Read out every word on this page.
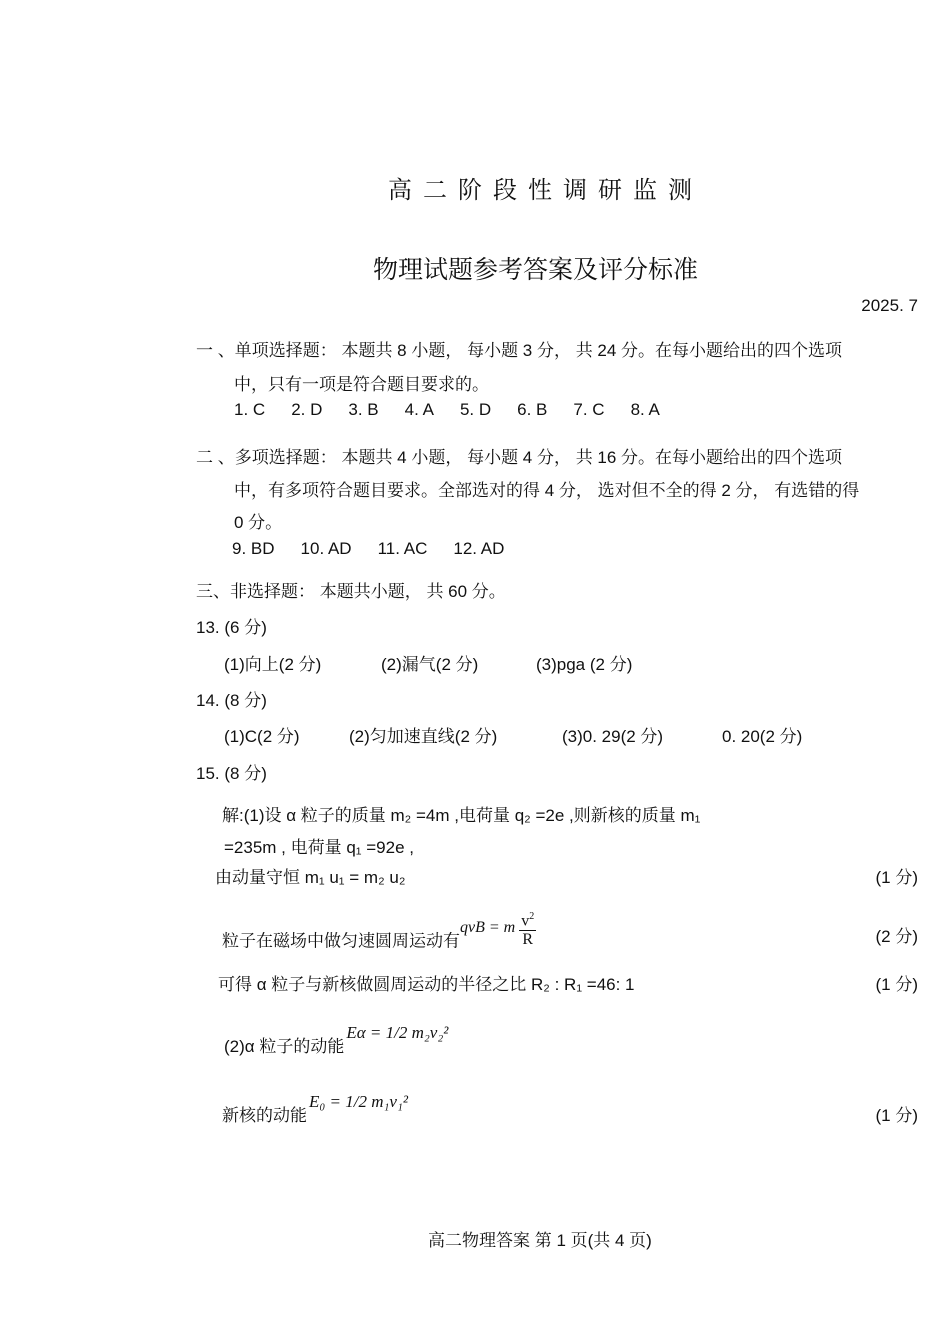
高二阶段性调研监测
物理试题参考答案及评分标准
2025. 7
一 、单项选择题： 本题共 8 小题， 每小题 3 分， 共 24 分。在每小题给出的四个选项
中，只有一项是符合题目要求的。
1. C 2. D 3. B 4. A 5. D 6. B 7. C 8. A
二 、多项选择题： 本题共 4 小题， 每小题 4 分， 共 16 分。在每小题给出的四个选项
中，有多项符合题目要求。全部选对的得 4 分， 选对但不全的得 2 分， 有选错的得
0 分。
9. BD 10. AD 11. AC 12. AD
三、非选择题： 本题共小题， 共 60 分。
13. (6 分)
(1)向上(2 分)	(2)漏气(2 分)	(3)pga (2 分)
14. (8 分)
(1)C(2 分)	(2)匀加速直线(2 分)	(3)0. 29(2 分)	0. 20(2 分)
15. (8 分)
解:(1)设 α 粒子的质量 m₂ =4m ,电荷量 q₂ =2e ,则新核的质量 m₁
=235m , 电荷量 q₁ =92e ,
由动量守恒 m₁ u₁ = m₂ u₂	(1 分)
粒子在磁场中做匀速圆周运动有qvB = m $\frac{v^2}{R}$	(2 分)
可得 α 粒子与新核做圆周运动的半径之比 R₂ : R₁ =46: 1	(1 分)
(2)α 粒子的动能Eα = 1/2 m₂v₂²
新核的动能E₀ = 1/2 m₁v₁²
(1 分)
高二物理答案 第 1 页(共 4 页)
